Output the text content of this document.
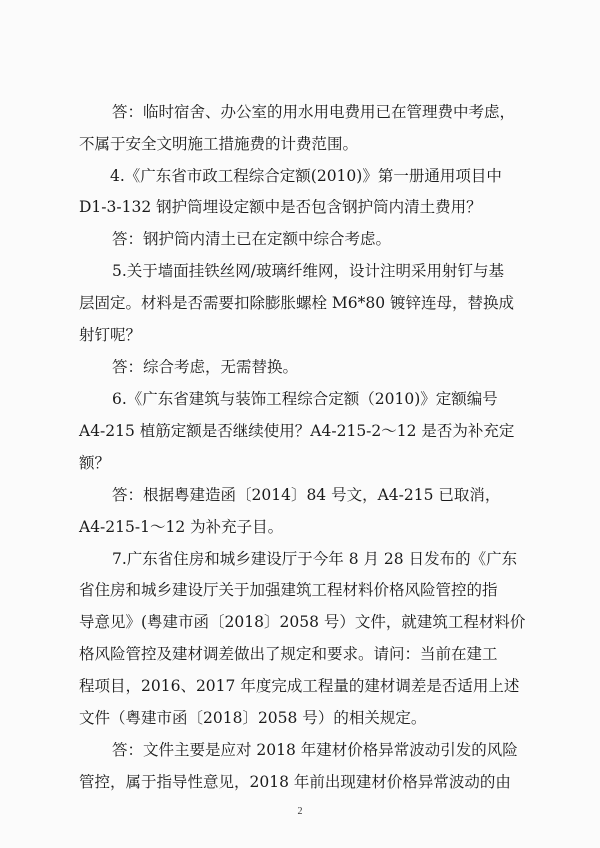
答：临时宿舍、办公室的用水用电费用已在管理费中考虑，
不属于安全文明施工措施费的计费范围。
4.《广东省市政工程综合定额(2010)》第一册通用项目中
D1-3-132 钢护筒埋设定额中是否包含钢护筒内清土费用？
答：钢护筒内清土已在定额中综合考虑。
5.关于墙面挂铁丝网/玻璃纤维网，设计注明采用射钉与基
层固定。材料是否需要扣除膨胀螺栓 M6*80 镀锌连母，替换成
射钉呢？
答：综合考虑，无需替换。
6.《广东省建筑与装饰工程综合定额（2010)》定额编号
A4-215 植筋定额是否继续使用？A4-215-2～12 是否为补充定
额？
答：根据粤建造函〔2014〕84 号文，A4-215 已取消，
A4-215-1～12 为补充子目。
7.广东省住房和城乡建设厅于今年 8 月 28 日发布的《广东
省住房和城乡建设厅关于加强建筑工程材料价格风险管控的指
导意见》(粤建市函〔2018〕2058 号）文件，就建筑工程材料价
格风险管控及建材调差做出了规定和要求。请问：当前在建工
程项目，2016、2017 年度完成工程量的建材调差是否适用上述
文件（粤建市函〔2018〕2058 号）的相关规定。
答：文件主要是应对 2018 年建材价格异常波动引发的风险
管控，属于指导性意见，2018 年前出现建材价格异常波动的由
2
